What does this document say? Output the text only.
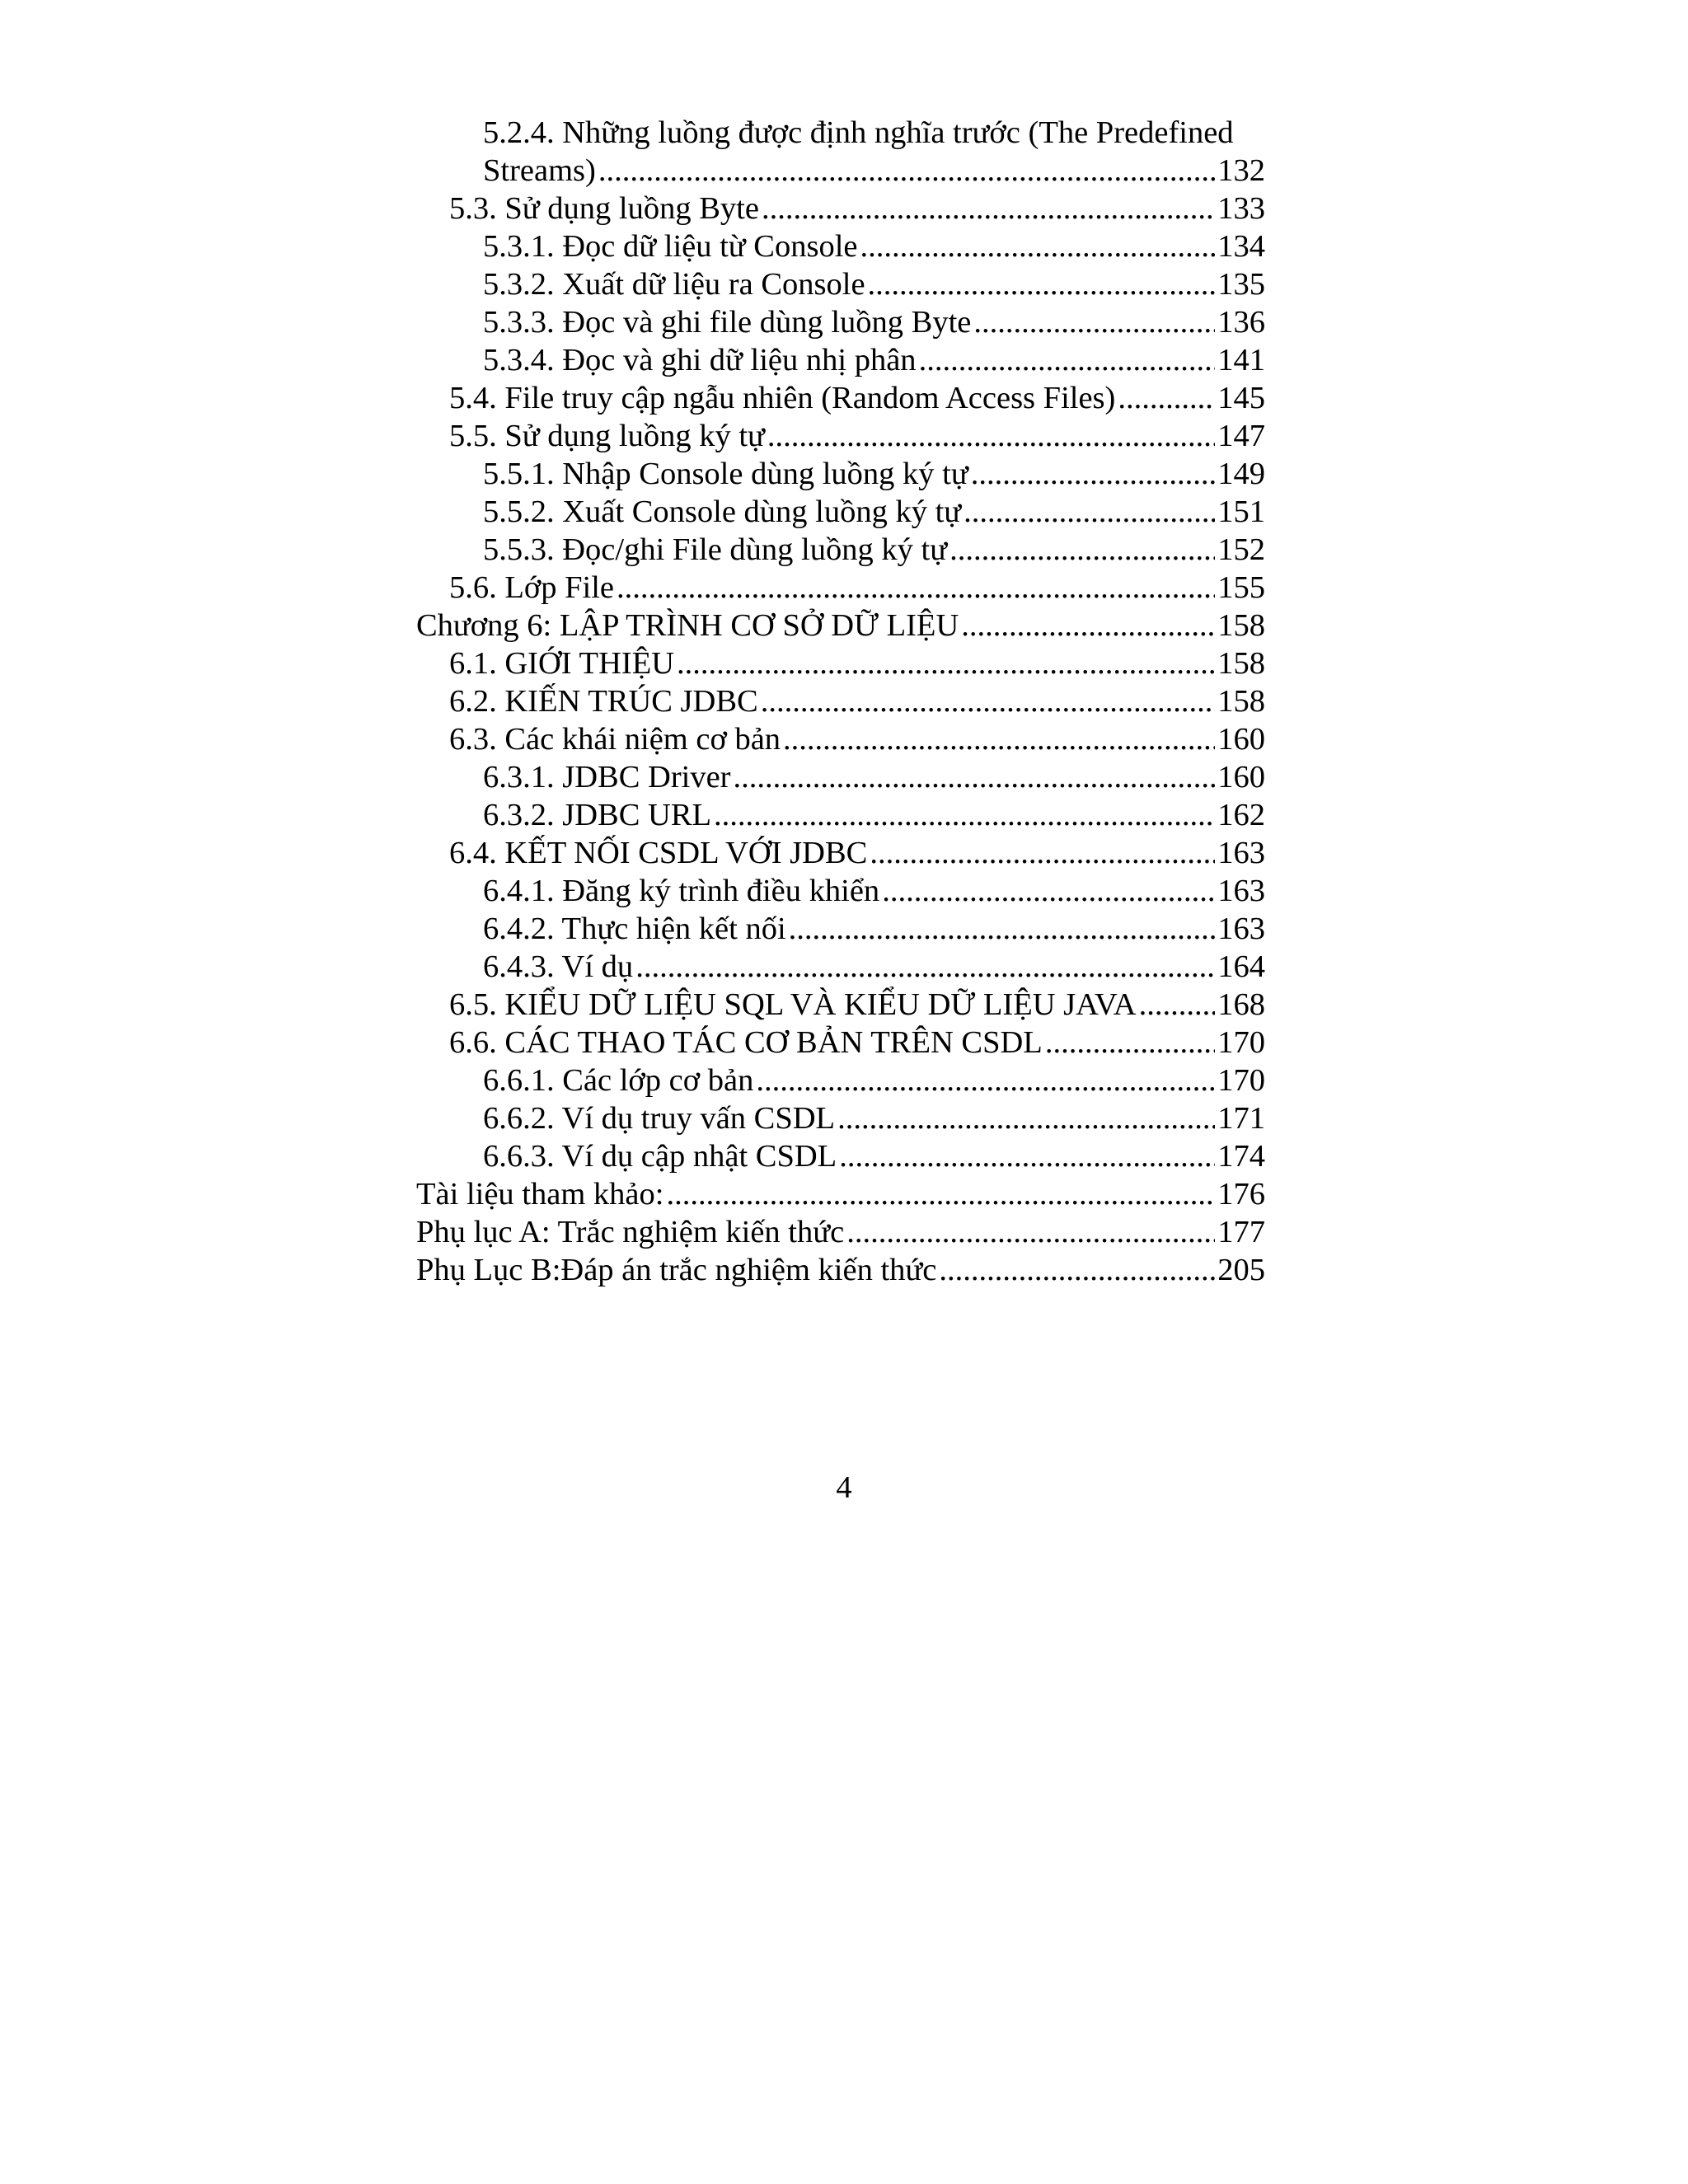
5.2.4. Những luồng được định nghĩa trước (The Predefined
Streams) .....	132
5.3. Sử dụng luồng Byte .....	133
5.3.1. Đọc dữ liệu từ Console .....	134
5.3.2. Xuất dữ liệu ra Console .....	135
5.3.3. Đọc và ghi file dùng luồng Byte .....	136
5.3.4. Đọc và ghi dữ liệu nhị phân .....	141
5.4. File truy cập ngẫu nhiên (Random Access Files) .....	145
5.5. Sử dụng luồng ký tự .....	147
5.5.1. Nhập Console dùng luồng ký tự .....	149
5.5.2. Xuất Console dùng luồng ký tự .....	151
5.5.3. Đọc/ghi File dùng luồng ký tự .....	152
5.6. Lớp File .....	155
Chương 6: LẬP TRÌNH CƠ SỞ DỮ LIỆU .....	158
6.1. GIỚI THIỆU .....	158
6.2. KIẾN TRÚC JDBC .....	158
6.3. Các khái niệm cơ bản .....	160
6.3.1. JDBC Driver .....	160
6.3.2. JDBC URL .....	162
6.4. KẾT NỐI CSDL VỚI JDBC .....	163
6.4.1. Đăng ký trình điều khiển .....	163
6.4.2. Thực hiện kết nối .....	163
6.4.3. Ví dụ .....	164
6.5. KIỂU DỮ LIỆU SQL VÀ KIỂU DỮ LIỆU JAVA .....	168
6.6. CÁC THAO TÁC CƠ BẢN TRÊN CSDL .....	170
6.6.1. Các lớp cơ bản .....	170
6.6.2. Ví dụ truy vấn CSDL .....	171
6.6.3. Ví dụ cập nhật CSDL .....	174
Tài liệu tham khảo: .....	176
Phụ lục A: Trắc nghiệm kiến thức .....	177
Phụ Lục B:Đáp án trắc nghiệm kiến thức .....	205
4
